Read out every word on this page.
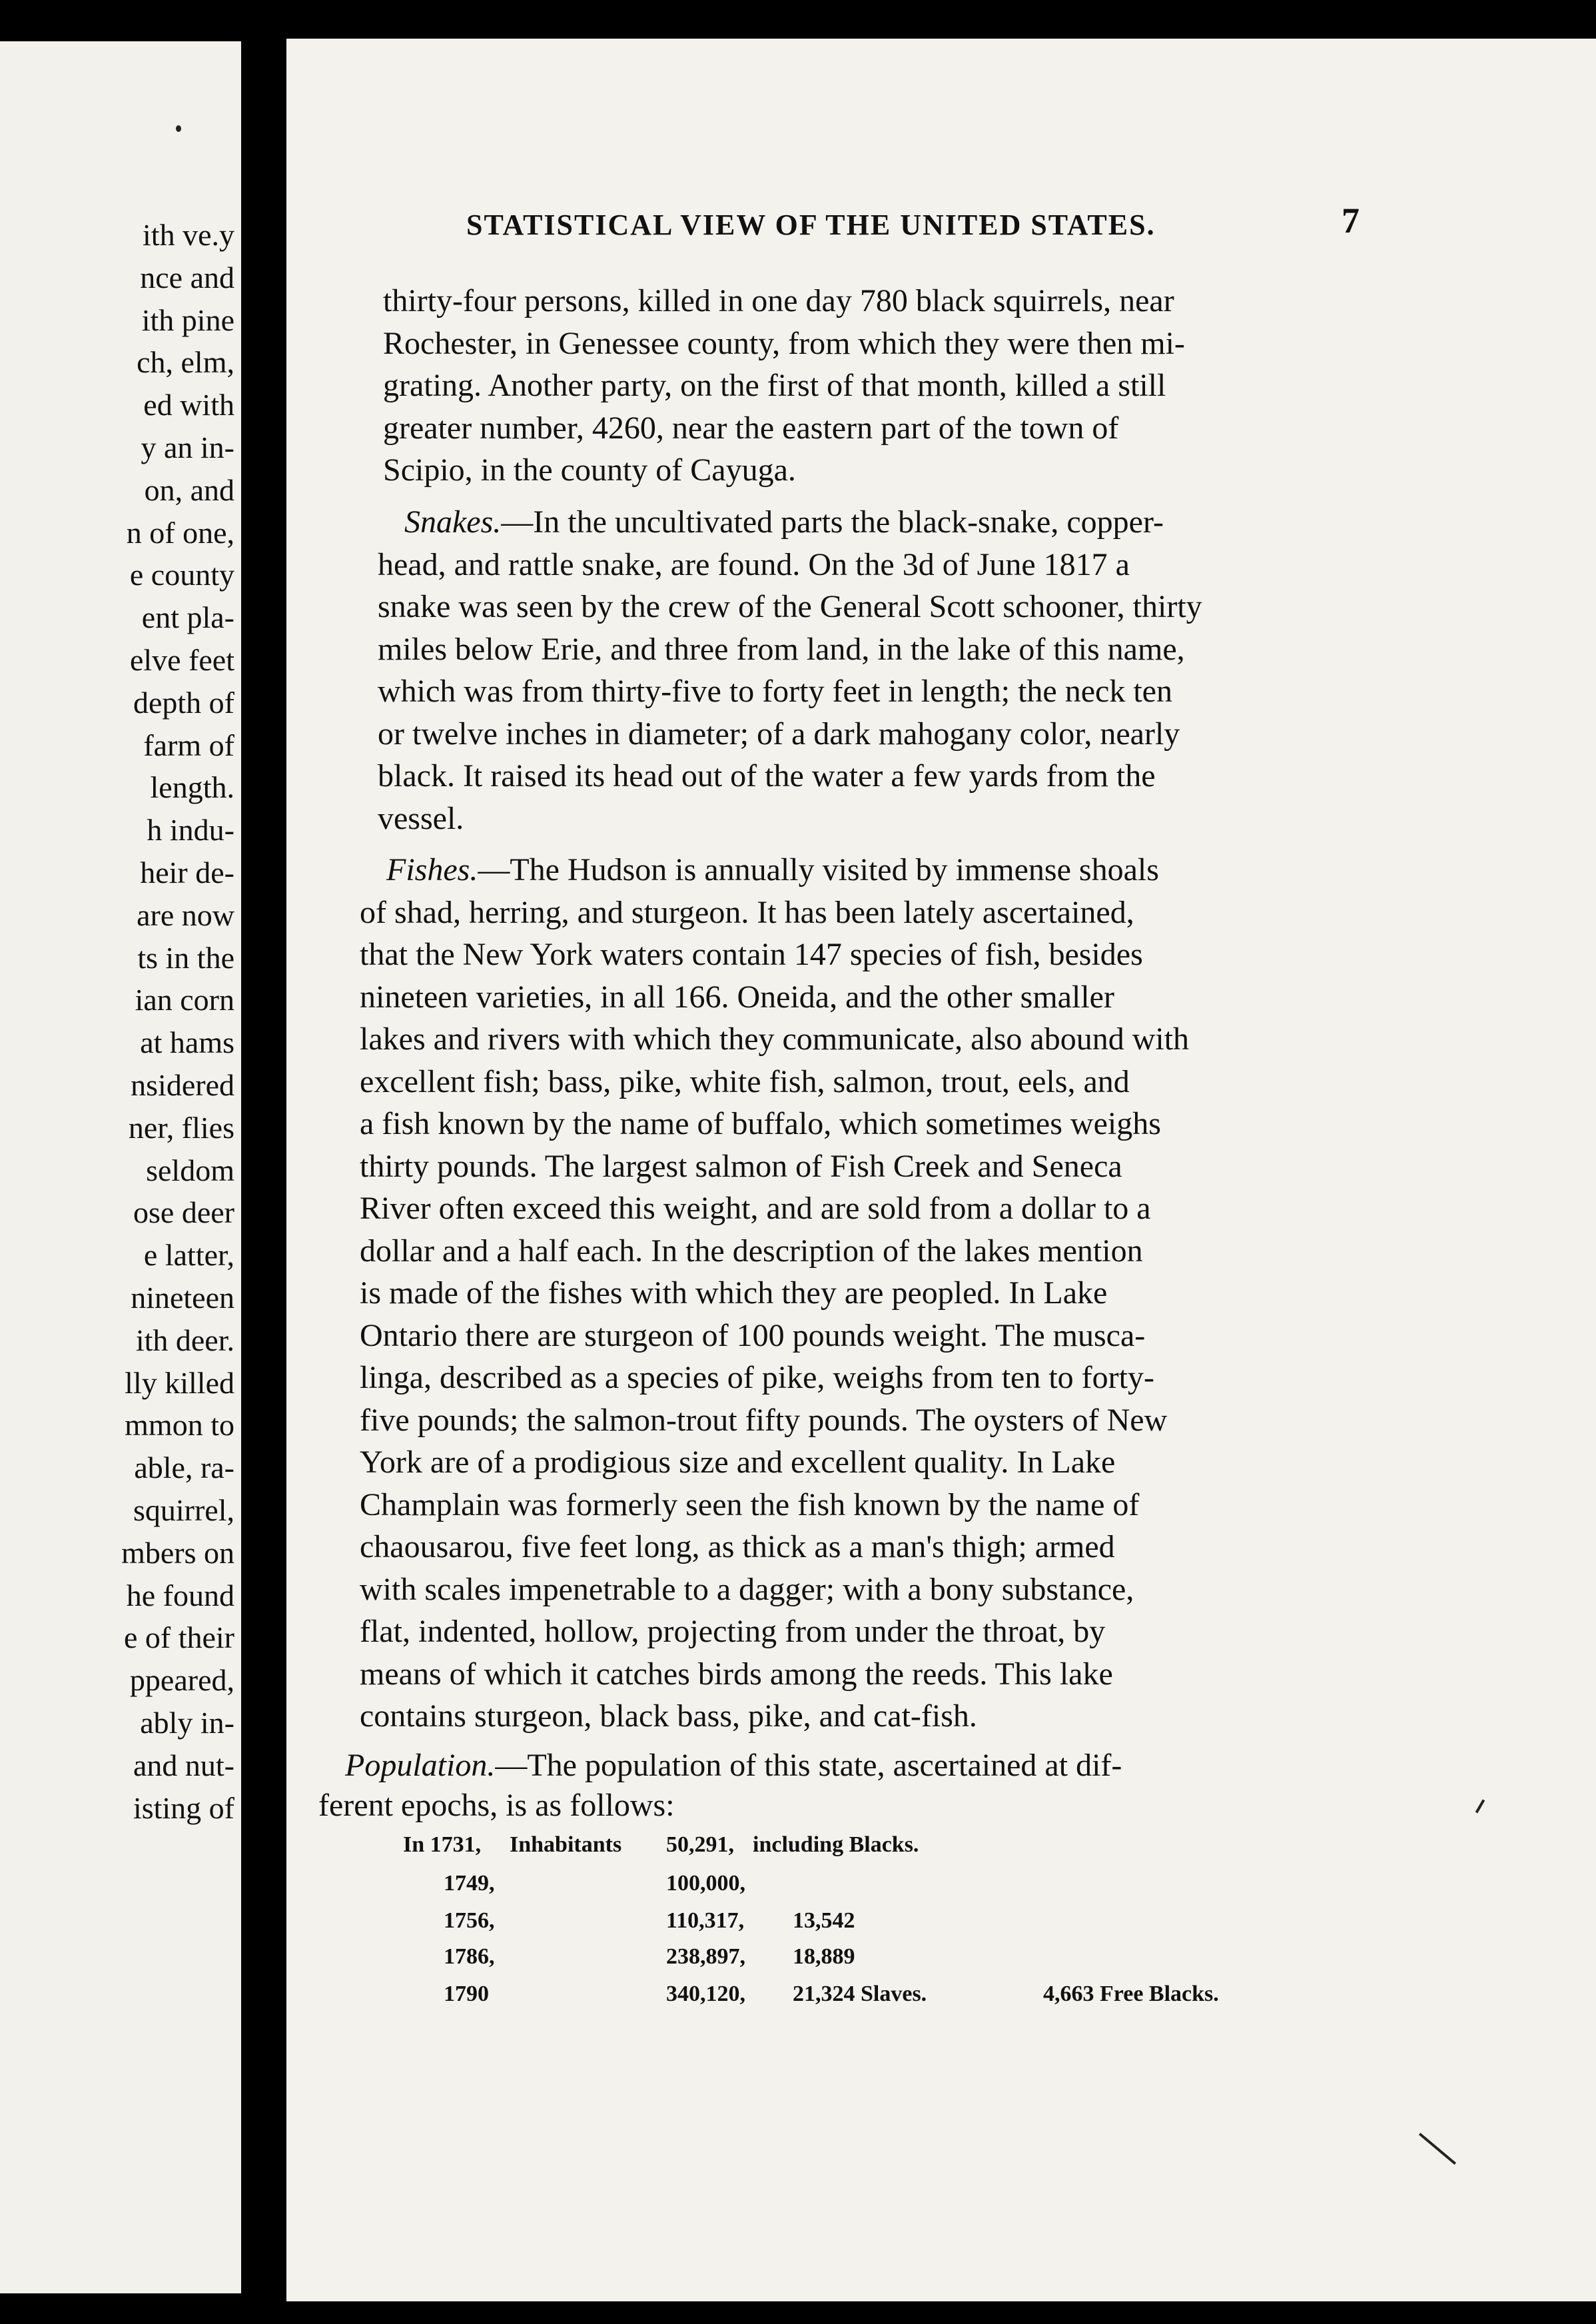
ith ve.y
nce and
ith pine
ch, elm,
ed with
y an in-
on, and
n of one,
e county
ent pla-
elve feet
depth of
farm of
length.
h indu-
heir de-
are now
ts in the
ian corn
at hams
nsidered
ner, flies
seldom
ose deer
e latter,
nineteen
ith deer.
lly killed
mmon to
able, ra-
squirrel,
mbers on
he found
e of their
ppeared,
ably in-
and nut-
isting of
STATISTICAL VIEW OF THE UNITED STATES.	7
thirty-four persons, killed in one day 780 black squirrels, near
Rochester, in Genessee county, from which they were then mi-
grating. Another party, on the first of that month, killed a still
greater number, 4260, near the eastern part of the town of
Scipio, in the county of Cayuga.
Snakes.—In the uncultivated parts the black-snake, copper-
head, and rattle snake, are found. On the 3d of June 1817 a
snake was seen by the crew of the General Scott schooner, thirty
miles below Erie, and three from land, in the lake of this name,
which was from thirty-five to forty feet in length; the neck ten
or twelve inches in diameter; of a dark mahogany color, nearly
black. It raised its head out of the water a few yards from the
vessel.
Fishes.—The Hudson is annually visited by immense shoals
of shad, herring, and sturgeon. It has been lately ascertained,
that the New York waters contain 147 species of fish, besides
nineteen varieties, in all 166. Oneida, and the other smaller
lakes and rivers with which they communicate, also abound with
excellent fish; bass, pike, white fish, salmon, trout, eels, and
a fish known by the name of buffalo, which sometimes weighs
thirty pounds. The largest salmon of Fish Creek and Seneca
River often exceed this weight, and are sold from a dollar to a
dollar and a half each. In the description of the lakes mention
is made of the fishes with which they are peopled. In Lake
Ontario there are sturgeon of 100 pounds weight. The musca-
linga, described as a species of pike, weighs from ten to forty-
five pounds; the salmon-trout fifty pounds. The oysters of New
York are of a prodigious size and excellent quality. In Lake
Champlain was formerly seen the fish known by the name of
chaousarou, five feet long, as thick as a man's thigh; armed
with scales impenetrable to a dagger; with a bony substance,
flat, indented, hollow, projecting from under the throat, by
means of which it catches birds among the reeds. This lake
contains sturgeon, black bass, pike, and cat-fish.
Population.—The population of this state, ascertained at dif-
ferent epochs, is as follows:
In 1731, Inhabitants 50,291, including Blacks.
1749,	100,000,
1756,	110,317, 13,542
1786,	238,897, 18,889
1790	340,120, 21,324 Slaves.	4,663 Free Blacks.
